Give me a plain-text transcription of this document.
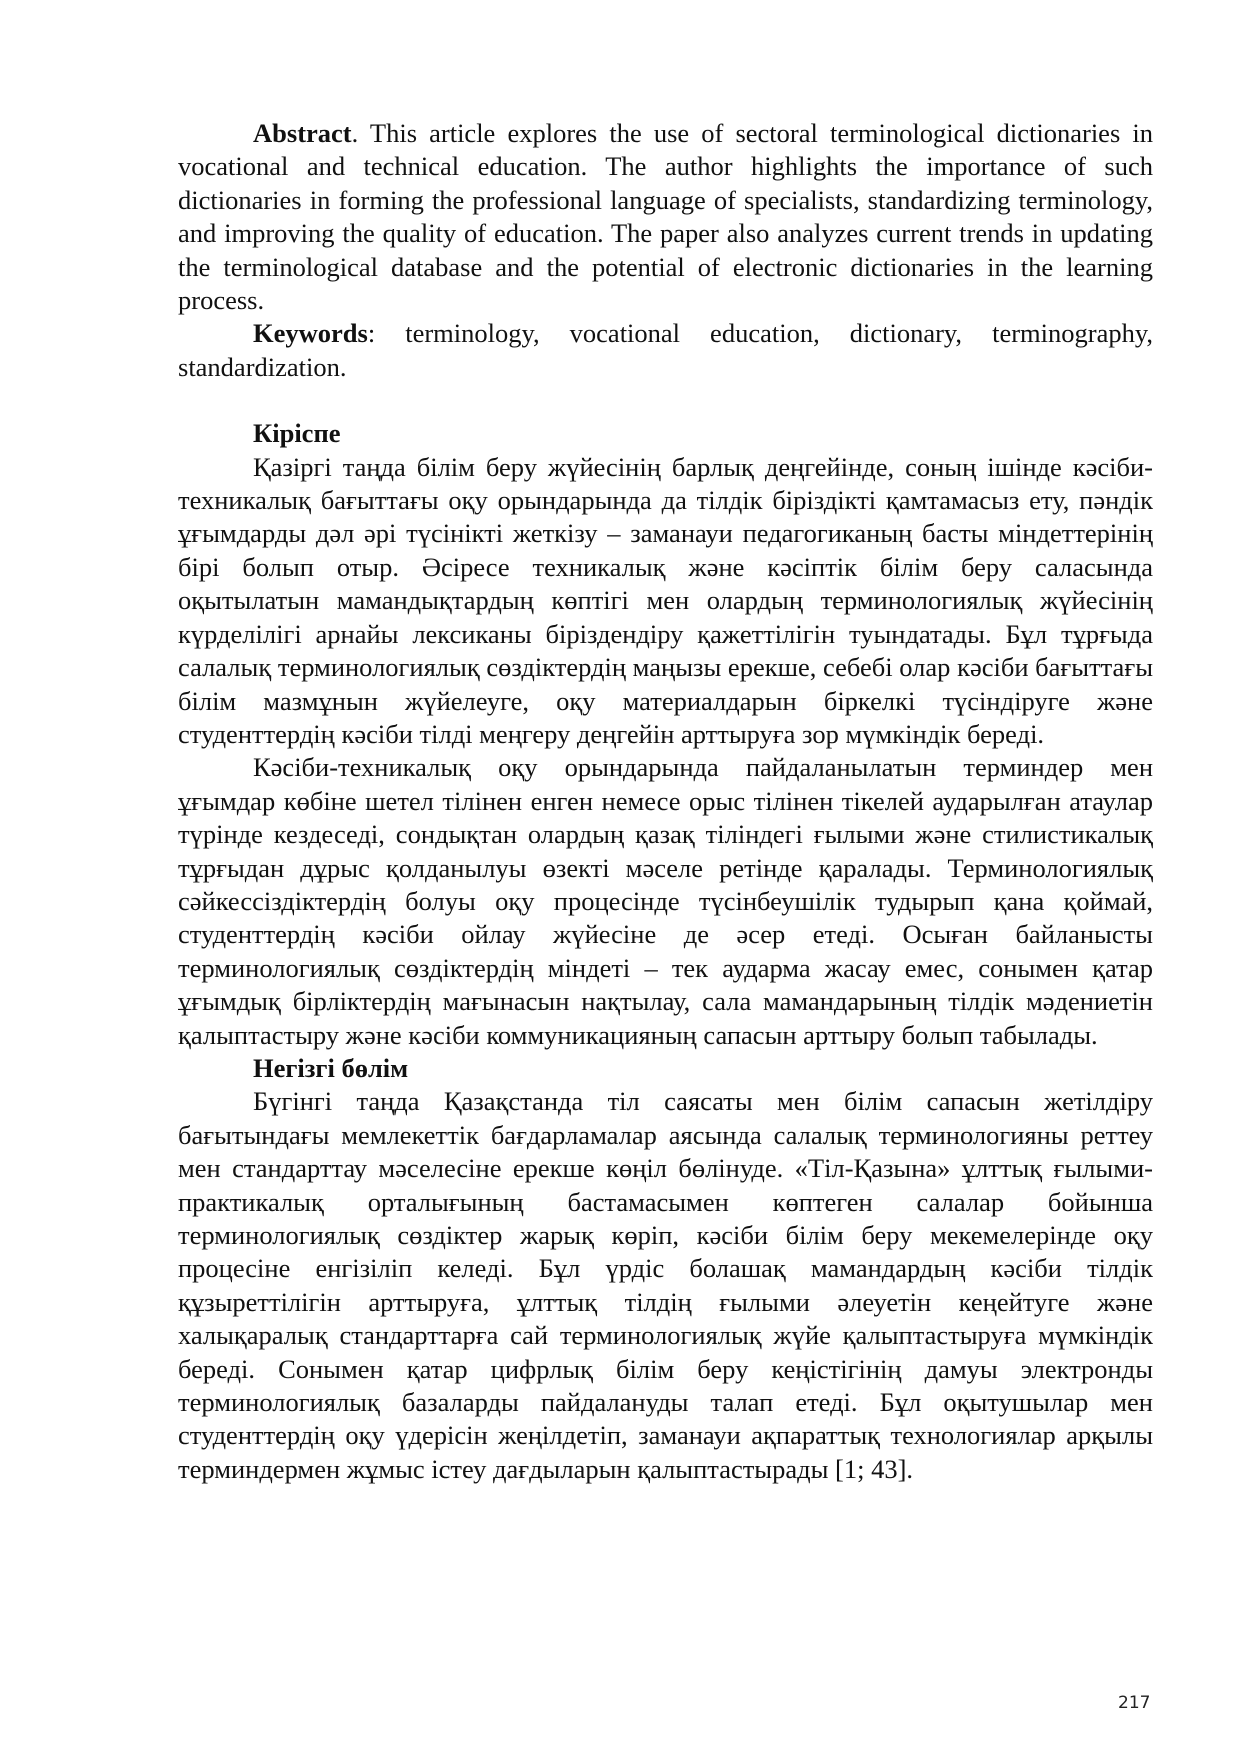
Abstract. This article explores the use of sectoral terminological dictionaries in vocational and technical education. The author highlights the importance of such dictionaries in forming the professional language of specialists, standardizing terminology, and improving the quality of education. The paper also analyzes current trends in updating the terminological database and the potential of electronic dictionaries in the learning process.

Keywords: terminology, vocational education, dictionary, terminography, standardization.

Кіріспе

Қазіргі таңда білім беру жүйесінің барлық деңгейінде, соның ішінде кәсіби-техникалық бағыттағы оқу орындарында да тілдік біріздікті қамтамасыз ету, пәндік ұғымдарды дәл әрі түсінікті жеткізу – заманауи педагогиканың басты міндеттерінің бірі болып отыр. Әсіресе техникалық және кәсіптік білім беру саласында оқытылатын мамандықтардың көптігі мен олардың терминологиялық жүйесінің күрделілігі арнайы лексиканы біріздендіру қажеттілігін туындатады. Бұл тұрғыда салалық терминологиялық сөздіктердің маңызы ерекше, себебі олар кәсіби бағыттағы білім мазмұнын жүйелеуге, оқу материалдарын біркелкі түсіндіруге және студенттердің кәсіби тілді меңгеру деңгейін арттыруға зор мүмкіндік береді.

Кәсіби-техникалық оқу орындарында пайдаланылатын терминдер мен ұғымдар көбіне шетел тілінен енген немесе орыс тілінен тікелей аударылған атаулар түрінде кездеседі, сондықтан олардың қазақ тіліндегі ғылыми және стилистикалық тұрғыдан дұрыс қолданылуы өзекті мәселе ретінде қаралады. Терминологиялық сәйкессіздіктердің болуы оқу процесінде түсінбеушілік тудырып қана қоймай, студенттердің кәсіби ойлау жүйесіне де әсер етеді. Осыған байланысты терминологиялық сөздіктердің міндеті – тек аударма жасау емес, сонымен қатар ұғымдық бірліктердің мағынасын нақтылау, сала мамандарының тілдік мәдениетін қалыптастыру және кәсіби коммуникацияның сапасын арттыру болып табылады.

Негізгі бөлім

Бүгінгі таңда Қазақстанда тіл саясаты мен білім сапасын жетілдіру бағытындағы мемлекеттік бағдарламалар аясында салалық терминологияны реттеу мен стандарттау мәселесіне ерекше көңіл бөлінуде. «Тіл-Қазына» ұлттық ғылыми-практикалық орталығының бастамасымен көптеген салалар бойынша терминологиялық сөздіктер жарық көріп, кәсіби білім беру мекемелерінде оқу процесіне енгізіліп келеді. Бұл үрдіс болашақ мамандардың кәсіби тілдік құзыреттілігін арттыруға, ұлттық тілдің ғылыми әлеуетін кеңейтуге және халықаралық стандарттарға сай терминологиялық жүйе қалыптастыруға мүмкіндік береді. Сонымен қатар цифрлық білім беру кеңістігінің дамуы электронды терминологиялық базаларды пайдалануды талап етеді. Бұл оқытушылар мен студенттердің оқу үдерісін жеңілдетіп, заманауи ақпараттық технологиялар арқылы терминдермен жұмыс істеу дағдыларын қалыптастырады [1; 43].

217
